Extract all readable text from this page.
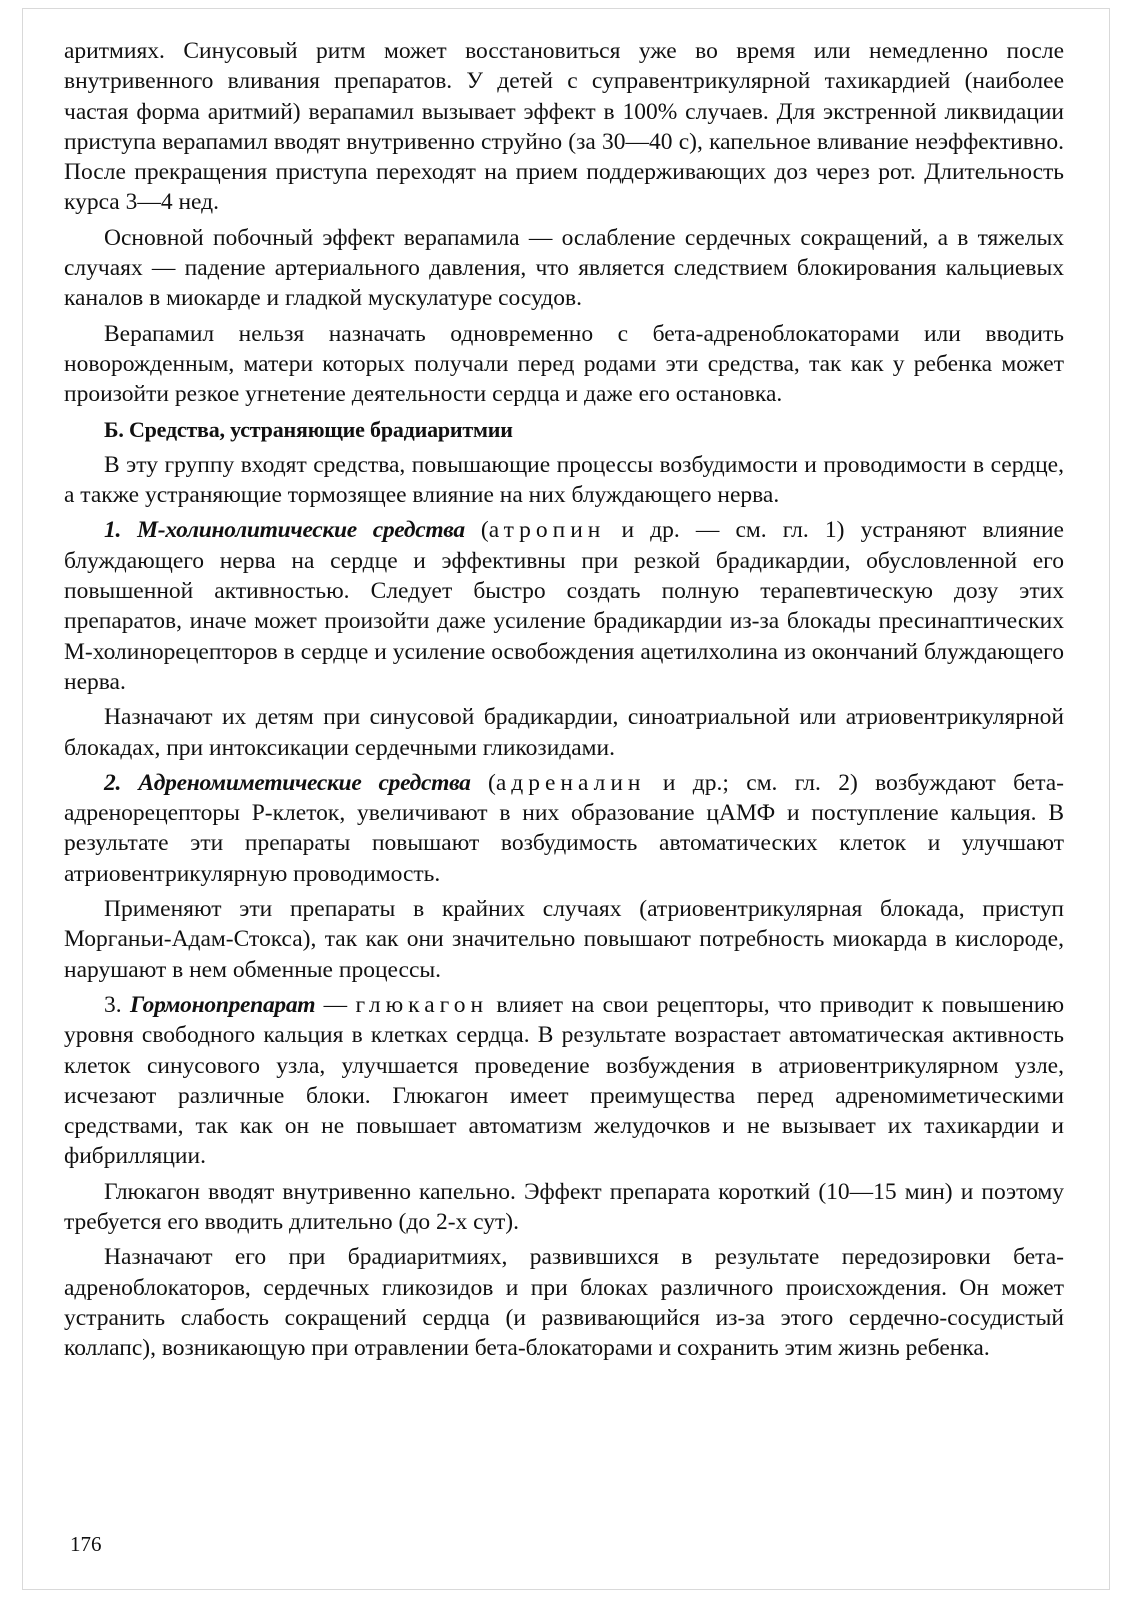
аритмиях. Синусовый ритм может восстановиться уже во время или немедленно после внутривенного вливания препаратов. У детей с суправентрикулярной тахикардией (наиболее частая форма аритмий) верапамил вызывает эффект в 100% случаев. Для экстренной ликвидации приступа верапамил вводят внутривенно струйно (за 30—40 с), капельное вливание неэффективно. После прекращения приступа переходят на прием поддерживающих доз через рот. Длительность курса 3—4 нед.

Основной побочный эффект верапамила — ослабление сердечных сокращений, а в тяжелых случаях — падение артериального давления, что является следствием блокирования кальциевых каналов в миокарде и гладкой мускулатуре сосудов.

Верапамил нельзя назначать одновременно с бета-адреноблокаторами или вводить новорожденным, матери которых получали перед родами эти средства, так как у ребенка может произойти резкое угнетение деятельности сердца и даже его остановка.

Б. Средства, устраняющие брадиаритмии

В эту группу входят средства, повышающие процессы возбудимости и проводимости в сердце, а также устраняющие тормозящее влияние на них блуждающего нерва.

1. М-холинолитические средства (атропин и др. — см. гл. 1) устраняют влияние блуждающего нерва на сердце и эффективны при резкой брадикардии, обусловленной его повышенной активностью. Следует быстро создать полную терапевтическую дозу этих препаратов, иначе может произойти даже усиление брадикардии из-за блокады пресинаптических М-холинорецепторов в сердце и усиление освобождения ацетилхолина из окончаний блуждающего нерва.

Назначают их детям при синусовой брадикардии, синоатриальной или атриовентрикулярной блокадах, при интоксикации сердечными гликозидами.

2. Адреномиметические средства (адреналин и др.; см. гл. 2) возбуждают бета-адренорецепторы Р-клеток, увеличивают в них образование цАМФ и поступление кальция. В результате эти препараты повышают возбудимость автоматических клеток и улучшают атриовентрикулярную проводимость.

Применяют эти препараты в крайних случаях (атриовентрикулярная блокада, приступ Морганьи-Адам-Стокса), так как они значительно повышают потребность миокарда в кислороде, нарушают в нем обменные процессы.

3. Гормонопрепарат — глюкагон влияет на свои рецепторы, что приводит к повышению уровня свободного кальция в клетках сердца. В результате возрастает автоматическая активность клеток синусового узла, улучшается проведение возбуждения в атриовентрикулярном узле, исчезают различные блоки. Глюкагон имеет преимущества перед адреномиметическими средствами, так как он не повышает автоматизм желудочков и не вызывает их тахикардии и фибрилляции.

Глюкагон вводят внутривенно капельно. Эффект препарата короткий (10—15 мин) и поэтому требуется его вводить длительно (до 2-х сут).

Назначают его при брадиаритмиях, развившихся в результате передозировки бета-адреноблокаторов, сердечных гликозидов и при блоках различного происхождения. Он может устранить слабость сокращений сердца (и развивающийся из-за этого сердечно-сосудистый коллапс), возникающую при отравлении бета-блокаторами и сохранить этим жизнь ребенка.

176
